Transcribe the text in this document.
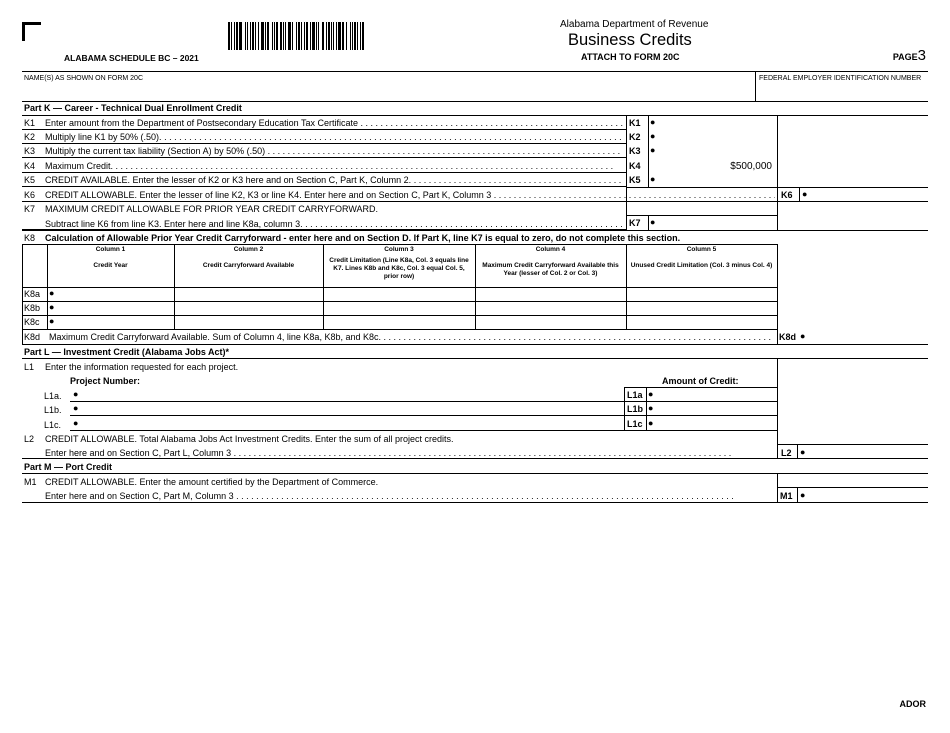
ALABAMA SCHEDULE BC – 2021
Alabama Department of Revenue
Business Credits
ATTACH TO FORM 20C	PAGE3
NAME(S) AS SHOWN ON FORM 20C	FEDERAL EMPLOYER IDENTIFICATION NUMBER
Part K — Career - Technical Dual Enrollment Credit
K1 Enter amount from the Department of Postsecondary Education Tax Certificate . . .	K1 ●
K2 Multiply line K1 by 50% (.50). . . .	K2 ●
K3 Multiply the current tax liability (Section A) by 50% (.50) . . .	K3 ●
K4 Maximum Credit. . . .	K4	$500,000
K5 CREDIT AVAILABLE. Enter the lesser of K2 or K3 here and on Section C, Part K, Column 2. . . .	K5 ●
K6 CREDIT ALLOWABLE. Enter the lesser of line K2, K3 or line K4. Enter here and on Section C, Part K, Column 3 . . .	K6 ●
K7 MAXIMUM CREDIT ALLOWABLE FOR PRIOR YEAR CREDIT CARRYFORWARD.
Subtract line K6 from line K3. Enter here and line K8a, column 3. . . .	K7 ●
K8 Calculation of Allowable Prior Year Credit Carryforward - enter here and on Section D. If Part K, line K7 is equal to zero, do not complete this section.
Column 1
Credit Year
Column 2
Credit Carryforward Available
Column 3
Credit Limitation (Line K8a, Col. 3 equals line K7. Lines K8b and K8c, Col. 3 equal Col. 5, prior row)
Column 4
Maximum Credit Carryforward Available this Year (lesser of Col. 2 or Col. 3)
Column 5
Unused Credit Limitation (Col. 3 minus Col. 4)
K8a ●
K8b ●
K8c ●
K8d Maximum Credit Carryforward Available. Sum of Column 4, line K8a, K8b, and K8c. . . .	K8d ●
Part L — Investment Credit (Alabama Jobs Act)*
L1 Enter the information requested for each project.
Project Number:	Amount of Credit:
L1a. ●	L1a ●
L1b. ●	L1b ●
L1c. ●	L1c ●
L2 CREDIT ALLOWABLE. Total Alabama Jobs Act Investment Credits. Enter the sum of all project credits.
Enter here and on Section C, Part L, Column 3 . . .	L2 ●
Part M — Port Credit
M1 CREDIT ALLOWABLE. Enter the amount certified by the Department of Commerce.
Enter here and on Section C, Part M, Column 3 . . .	M1 ●
ADOR
